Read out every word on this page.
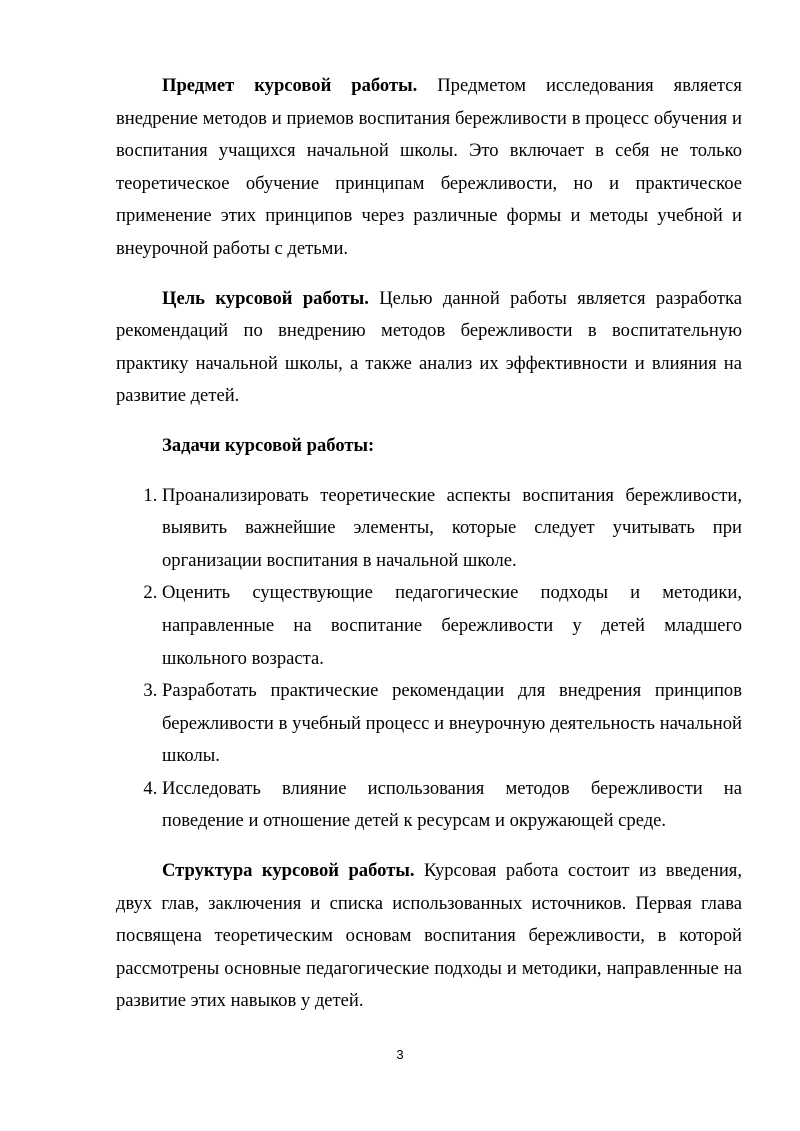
Предмет курсовой работы. Предметом исследования является внедрение методов и приемов воспитания бережливости в процесс обучения и воспитания учащихся начальной школы. Это включает в себя не только теоретическое обучение принципам бережливости, но и практическое применение этих принципов через различные формы и методы учебной и внеурочной работы с детьми.

Цель курсовой работы. Целью данной работы является разработка рекомендаций по внедрению методов бережливости в воспитательную практику начальной школы, а также анализ их эффективности и влияния на развитие детей.

Задачи курсовой работы:

1. Проанализировать теоретические аспекты воспитания бережливости, выявить важнейшие элементы, которые следует учитывать при организации воспитания в начальной школе.
2. Оценить существующие педагогические подходы и методики, направленные на воспитание бережливости у детей младшего школьного возраста.
3. Разработать практические рекомендации для внедрения принципов бережливости в учебный процесс и внеурочную деятельность начальной школы.
4. Исследовать влияние использования методов бережливости на поведение и отношение детей к ресурсам и окружающей среде.

Структура курсовой работы. Курсовая работа состоит из введения, двух глав, заключения и списка использованных источников. Первая глава посвящена теоретическим основам воспитания бережливости, в которой рассмотрены основные педагогические подходы и методики, направленные на развитие этих навыков у детей.

3
